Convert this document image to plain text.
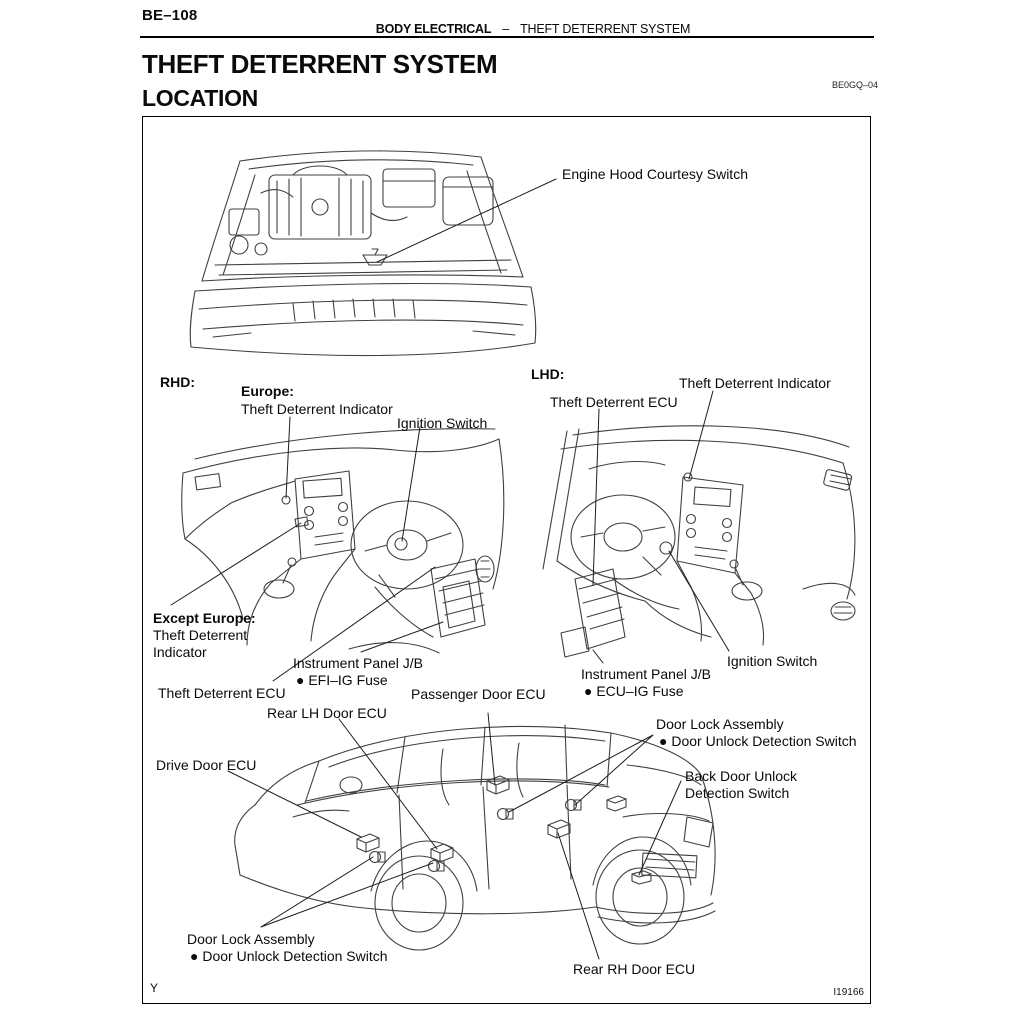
BE–108
BODY ELECTRICAL – THEFT DETERRENT SYSTEM
THEFT DETERRENT SYSTEM
BE0GQ–04
LOCATION
Engine Hood Courtesy Switch
RHD:
Europe:
Theft Deterrent Indicator
Ignition Switch
LHD:
Theft Deterrent Indicator
Theft Deterrent ECU
Except Europe:
Theft Deterrent
Indicator
Instrument Panel J/B
● EFI–IG Fuse
Theft Deterrent ECU
Ignition Switch
Instrument Panel J/B
● ECU–IG Fuse
Passenger Door ECU
Rear LH Door ECU
Drive Door ECU
Door Lock Assembly
● Door Unlock Detection Switch
Back Door Unlock
Detection Switch
Door Lock Assembly
● Door Unlock Detection Switch
Rear RH Door ECU
Y	I19166
